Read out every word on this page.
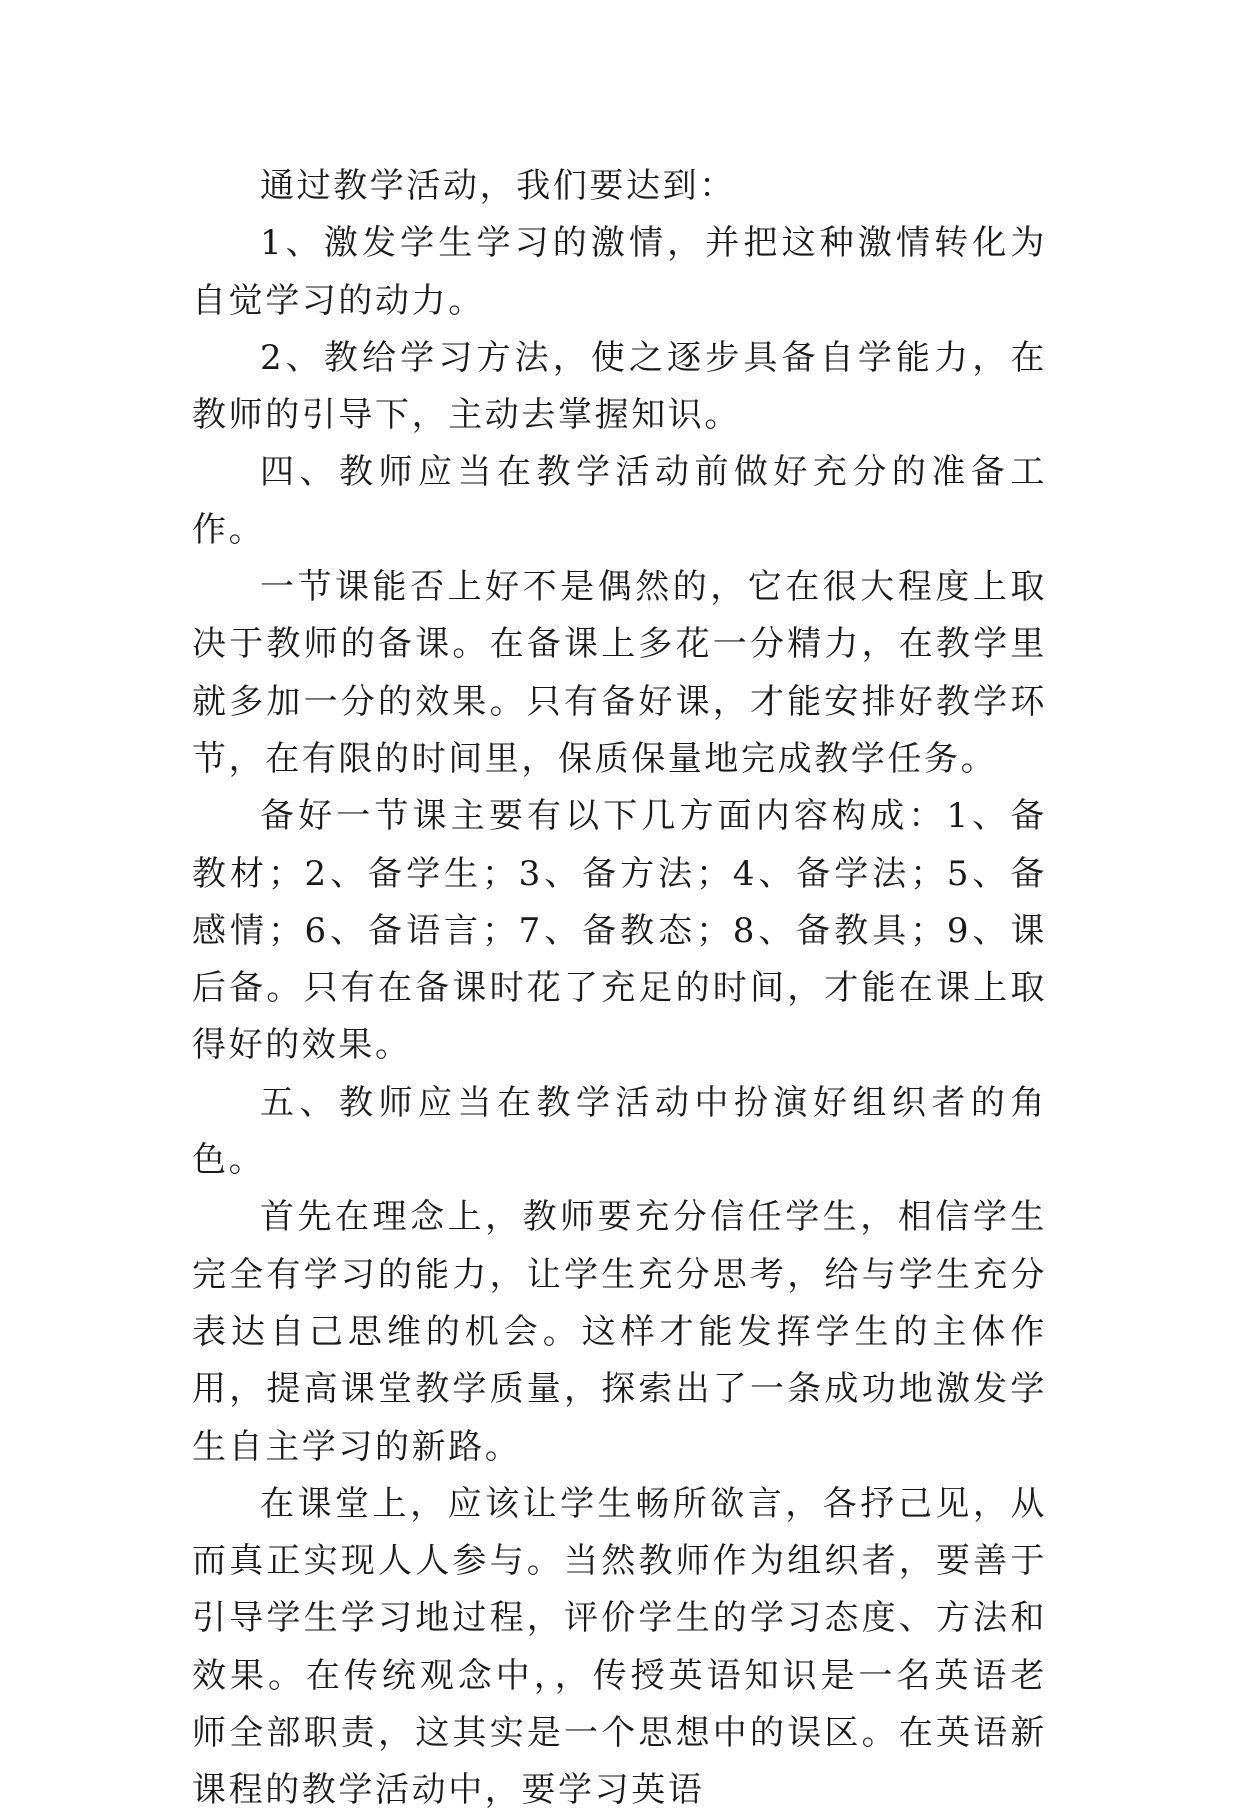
通过教学活动，我们要达到：

1、激发学生学习的激情，并把这种激情转化为自觉学习的动力。

2、教给学习方法，使之逐步具备自学能力，在教师的引导下，主动去掌握知识。

四、教师应当在教学活动前做好充分的准备工作。

一节课能否上好不是偶然的，它在很大程度上取决于教师的备课。在备课上多花一分精力，在教学里就多加一分的效果。只有备好课，才能安排好教学环节，在有限的时间里，保质保量地完成教学任务。

备好一节课主要有以下几方面内容构成：1、备教材；2、备学生；3、备方法；4、备学法；5、备感情；6、备语言；7、备教态；8、备教具；9、课后备。只有在备课时花了充足的时间，才能在课上取得好的效果。

五、教师应当在教学活动中扮演好组织者的角色。

首先在理念上，教师要充分信任学生，相信学生完全有学习的能力，让学生充分思考，给与学生充分表达自己思维的机会。这样才能发挥学生的主体作用，提高课堂教学质量，探索出了一条成功地激发学生自主学习的新路。

在课堂上，应该让学生畅所欲言，各抒己见，从而真正实现人人参与。当然教师作为组织者，要善于引导学生学习地过程，评价学生的学习态度、方法和效果。在传统观念中，，传授英语知识是一名英语老师全部职责，这其实是一个思想中的误区。在英语新课程的教学活动中，要学习英语
